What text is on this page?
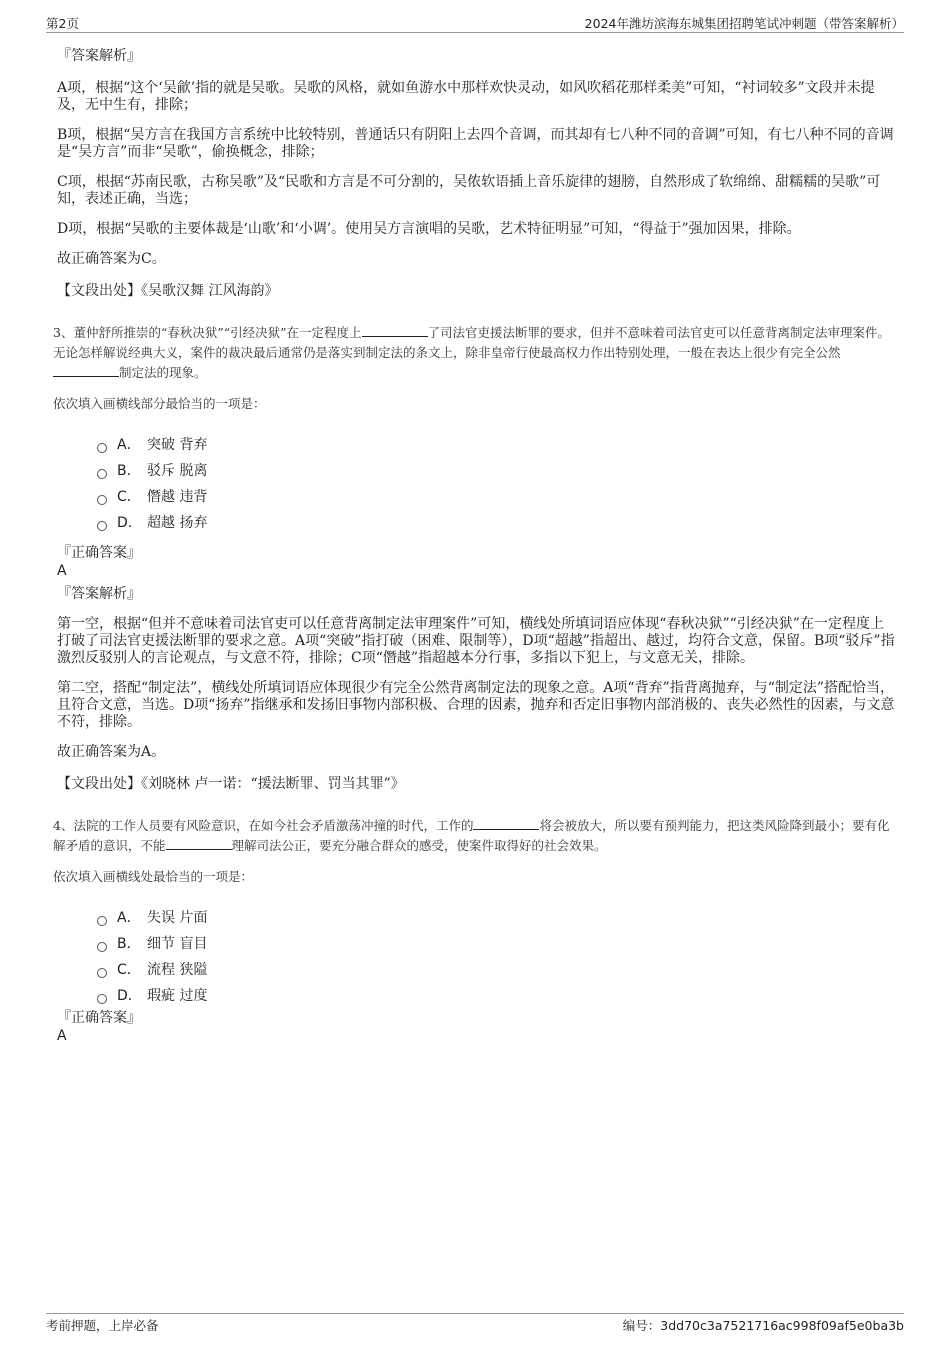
第2页	2024年潍坊滨海东城集团招聘笔试冲刺题（带答案解析）
『答案解析』

A项，根据“这个‘吴歈’指的就是吴歌。吴歌的风格，就如鱼游水中那样欢快灵动，如风吹稻花那样柔美”可知，“衬词较多”文段并未提及，无中生有，排除；

B项，根据“吴方言在我国方言系统中比较特别，普通话只有阴阳上去四个音调，而其却有七八种不同的音调”可知，有七八种不同的音调是“吴方言”而非“吴歌”，偷换概念，排除；

C项，根据“苏南民歌，古称吴歌”及“民歌和方言是不可分割的，吴侬软语插上音乐旋律的翅膀，自然形成了软绵绵、甜糯糯的吴歌”可知，表述正确，当选；

D项，根据“吴歌的主要体裁是‘山歌’和‘小调’。使用吴方言演唱的吴歌，艺术特征明显”可知，“得益于”强加因果，排除。

故正确答案为C。

【文段出处】《吴歌汉舞 江风海韵》
3、董仲舒所推崇的“春秋决狱”“引经决狱”在一定程度上	了司法官吏援法断罪的要求，但并不意味着司法官吏可以任意背离制定法审理案件。无论怎样解说经典大义，案件的裁决最后通常仍是落实到制定法的条文上，除非皇帝行使最高权力作出特别处理，一般在表达上很少有完全公然制定法的现象。
依次填入画横线部分最恰当的一项是：
A． 突破 背弃
B． 驳斥 脱离
C． 僭越 违背
D． 超越 扬弃
『正确答案』
A
『答案解析』

第一空，根据“但并不意味着司法官吏可以任意背离制定法审理案件”可知，横线处所填词语应体现“春秋决狱”“引经决狱”在一定程度上打破了司法官吏援法断罪的要求之意。A项“突破”指打破（困难、限制等），D项“超越”指超出、越过，均符合文意，保留。B项“驳斥”指激烈反驳别人的言论观点，与文意不符，排除；C项“僭越”指超越本分行事，多指以下犯上，与文意无关，排除。

第二空，搭配“制定法”，横线处所填词语应体现很少有完全公然背离制定法的现象之意。A项“背弃”指背离抛弃，与“制定法”搭配恰当，且符合文意，当选。D项“扬弃”指继承和发扬旧事物内部积极、合理的因素，抛弃和否定旧事物内部消极的、丧失必然性的因素，与文意不符，排除。

故正确答案为A。

【文段出处】《刘晓林 卢一诺：“援法断罪、罚当其罪”》
4、法院的工作人员要有风险意识，在如今社会矛盾激荡冲撞的时代，工作的	将会被放大，所以要有预判能力，把这类风险降到最小；要有化解矛盾的意识，不能	理解司法公正，要充分融合群众的感受，使案件取得好的社会效果。
依次填入画横线处最恰当的一项是：
A． 失误 片面
B． 细节 盲目
C． 流程 狭隘
D． 瑕疵 过度
『正确答案』
A
考前押题，上岸必备	编号：3dd70c3a7521716ac998f09af5e0ba3b
